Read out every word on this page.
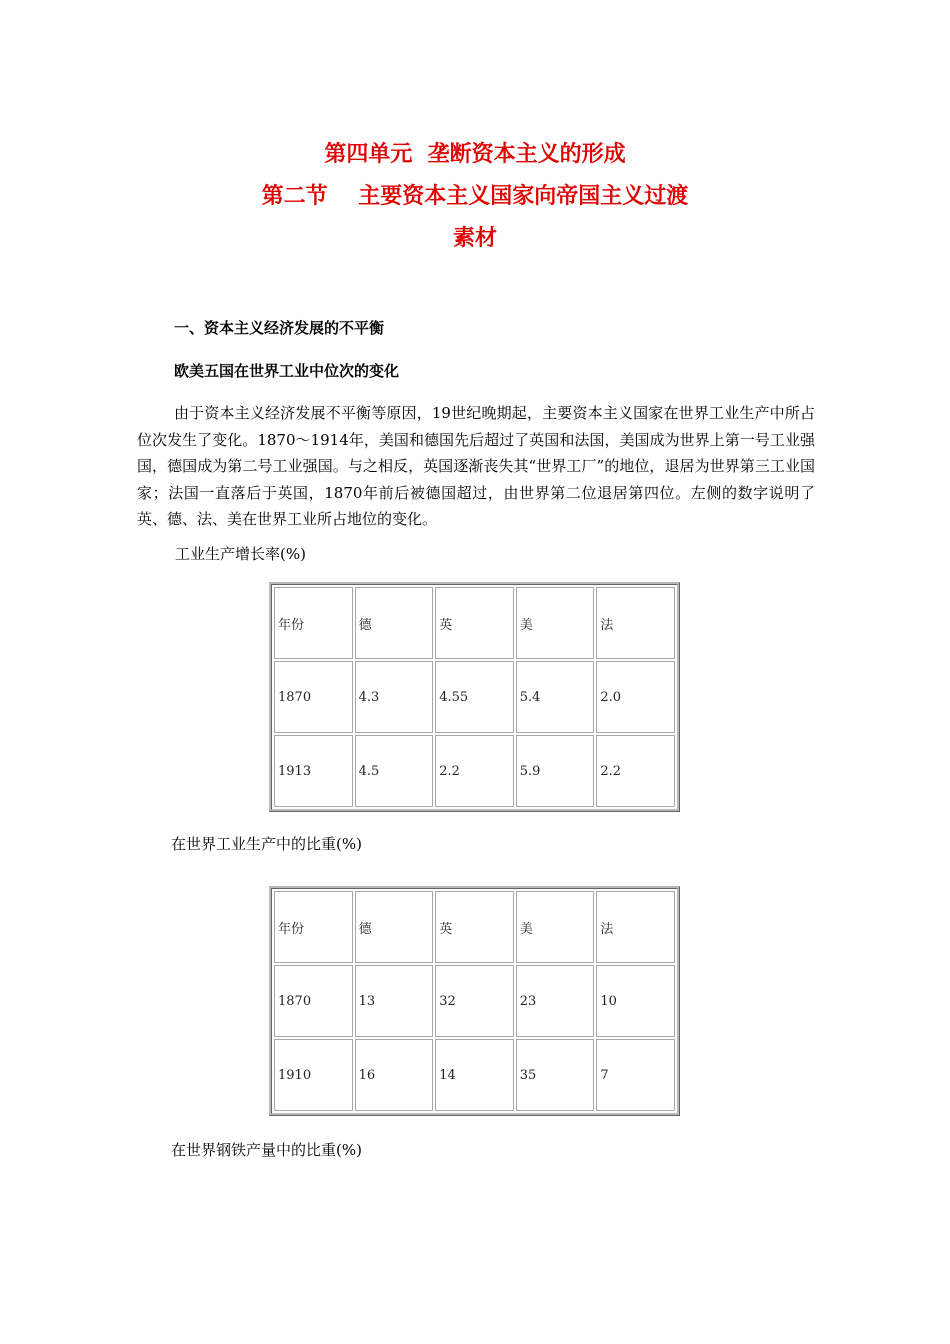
第四单元  垄断资本主义的形成
第二节    主要资本主义国家向帝国主义过渡
素材

一、资本主义经济发展的不平衡

欧美五国在世界工业中位次的变化

由于资本主义经济发展不平衡等原因，19世纪晚期起，主要资本主义国家在世界工业生产中所占位次发生了变化。1870～1914年，美国和德国先后超过了英国和法国，美国成为世界上第一号工业强国，德国成为第二号工业强国。与之相反，英国逐渐丧失其“世界工厂”的地位，退居为世界第三工业国家；法国一直落后于英国，1870年前后被德国超过，由世界第二位退居第四位。左侧的数字说明了英、德、法、美在世界工业所占地位的变化。

工业生产增长率(%)

年份	德	英	美	法
1870	4.3	4.55	5.4	2.0
1913	4.5	2.2	5.9	2.2

在世界工业生产中的比重(%)

年份	德	英	美	法
1870	13	32	23	10
1910	16	14	35	7

在世界钢铁产量中的比重(%)
